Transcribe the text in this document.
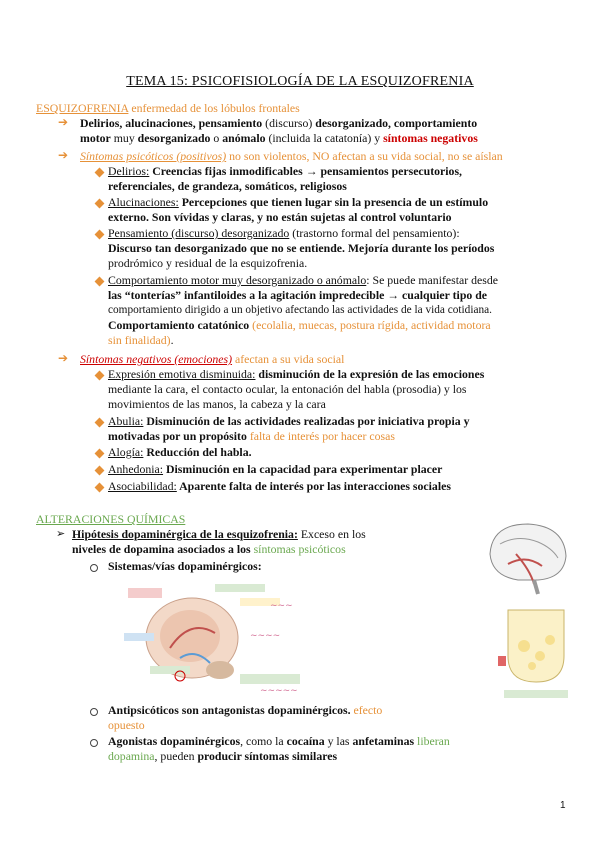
TEMA 15: PSICOFISIOLOGÍA DE LA ESQUIZOFRENIA
ESQUIZOFRENIA enfermedad de los lóbulos frontales
➔ Delirios, alucinaciones, pensamiento (discurso) desorganizado, comportamiento
motor muy desorganizado o anómalo (incluida la catatonía) y síntomas negativos
➔ Síntomas psicóticos (positivos) no son violentos, NO afectan a su vida social, no se aíslan
Delirios: Creencias fijas inmodificables → pensamientos persecutorios,
referenciales, de grandeza, somáticos, religiosos
Alucinaciones: Percepciones que tienen lugar sin la presencia de un estímulo
externo. Son vívidas y claras, y no están sujetas al control voluntario
Pensamiento (discurso) desorganizado (trastorno formal del pensamiento):
Discurso tan desorganizado que no se entiende. Mejoría durante los períodos
prodrómico y residual de la esquizofrenia.
Comportamiento motor muy desorganizado o anómalo: Se puede manifestar desde
las “tonterías” infantiloides a la agitación impredecible → cualquier tipo de
comportamiento dirigido a un objetivo afectando las actividades de la vida cotidiana.
Comportamiento catatónico (ecolalia, muecas, postura rígida, actividad motora
sin finalidad).
➔ Síntomas negativos (emociones) afectan a su vida social
Expresión emotiva disminuida: disminución de la expresión de las emociones
mediante la cara, el contacto ocular, la entonación del habla (prosodia) y los
movimientos de las manos, la cabeza y la cara
Abulia: Disminución de las actividades realizadas por iniciativa propia y
motivadas por un propósito falta de interés por hacer cosas
Alogía: Reducción del habla.
Anhedonia: Disminución en la capacidad para experimentar placer
Asociabilidad: Aparente falta de interés por las interacciones sociales
ALTERACIONES QUÍMICAS
➢ Hipótesis dopaminérgica de la esquizofrenia: Exceso en los
niveles de dopamina asociados a los síntomas psicóticos
Sistemas/vías dopaminérgicos:
~~~
~~~~
~~~~~
Antipsicóticos son antagonistas dopaminérgicos. efecto
opuesto
Agonistas dopaminérgicos, como la cocaína y las anfetaminas liberan
dopamina, pueden producir síntomas similares
1
